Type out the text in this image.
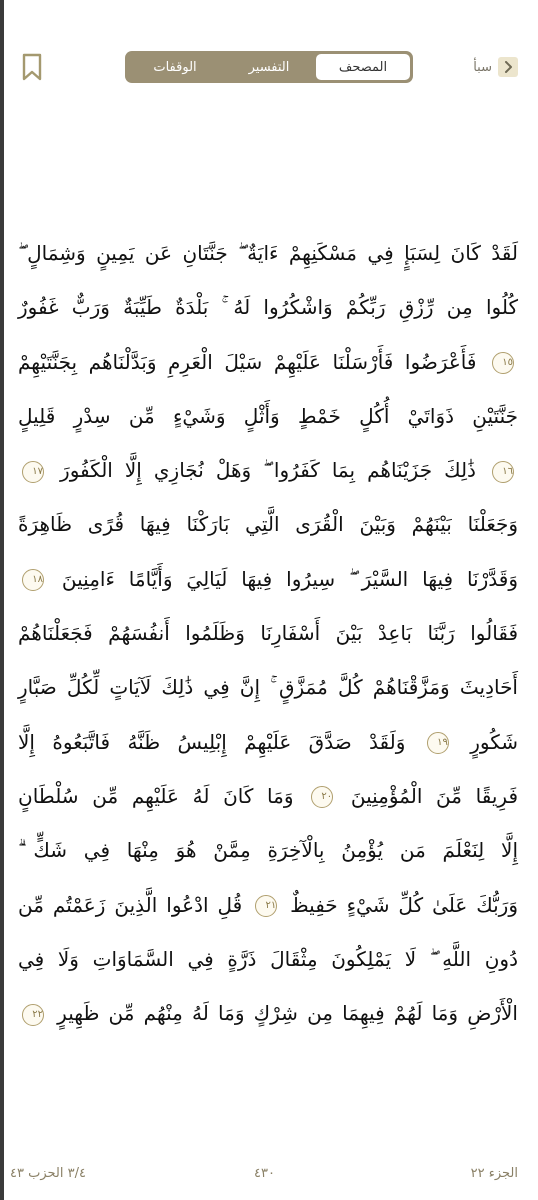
سبأ
المصحف
التفسير
الوقفات
لَقَدْ كَانَ لِسَبَإٍ فِي مَسْكَنِهِمْ ءَايَةٌ ۖ جَنَّتَانِ عَن يَمِينٍ وَشِمَالٍ ۖ
كُلُوا مِن رِّزْقِ رَبِّكُمْ وَاشْكُرُوا لَهُ ۚ بَلْدَةٌ طَيِّبَةٌ وَرَبٌّ غَفُورٌ
١٥ فَأَعْرَضُوا فَأَرْسَلْنَا عَلَيْهِمْ سَيْلَ الْعَرِمِ وَبَدَّلْنَاهُم بِجَنَّتَيْهِمْ
جَنَّتَيْنِ ذَوَاتَيْ أُكُلٍ خَمْطٍ وَأَثْلٍ وَشَيْءٍ مِّن سِدْرٍ قَلِيلٍ
١٦ ذَٰلِكَ جَزَيْنَاهُم بِمَا كَفَرُوا ۖ وَهَلْ نُجَازِي إِلَّا الْكَفُورَ ١٧
وَجَعَلْنَا بَيْنَهُمْ وَبَيْنَ الْقُرَى الَّتِي بَارَكْنَا فِيهَا قُرًى ظَاهِرَةً
وَقَدَّرْنَا فِيهَا السَّيْرَ ۖ سِيرُوا فِيهَا لَيَالِيَ وَأَيَّامًا ءَامِنِينَ ١٨
فَقَالُوا رَبَّنَا بَاعِدْ بَيْنَ أَسْفَارِنَا وَظَلَمُوا أَنفُسَهُمْ فَجَعَلْنَاهُمْ
أَحَادِيثَ وَمَزَّقْنَاهُمْ كُلَّ مُمَزَّقٍ ۚ إِنَّ فِي ذَٰلِكَ لَآيَاتٍ لِّكُلِّ صَبَّارٍ
شَكُورٍ ١٩ وَلَقَدْ صَدَّقَ عَلَيْهِمْ إِبْلِيسُ ظَنَّهُ فَاتَّبَعُوهُ إِلَّا
فَرِيقًا مِّنَ الْمُؤْمِنِينَ ٢٠ وَمَا كَانَ لَهُ عَلَيْهِم مِّن سُلْطَانٍ
إِلَّا لِنَعْلَمَ مَن يُؤْمِنُ بِالْآخِرَةِ مِمَّنْ هُوَ مِنْهَا فِي شَكٍّ ۗ
وَرَبُّكَ عَلَىٰ كُلِّ شَيْءٍ حَفِيظٌ ٢١ قُلِ ادْعُوا الَّذِينَ زَعَمْتُم مِّن
دُونِ اللَّهِ ۖ لَا يَمْلِكُونَ مِثْقَالَ ذَرَّةٍ فِي السَّمَاوَاتِ وَلَا فِي
الْأَرْضِ وَمَا لَهُمْ فِيهِمَا مِن شِرْكٍ وَمَا لَهُ مِنْهُم مِّن ظَهِيرٍ ٢٢
الجزء ٢٢
٤٣٠
٣/٤ الحزب ٤٣
